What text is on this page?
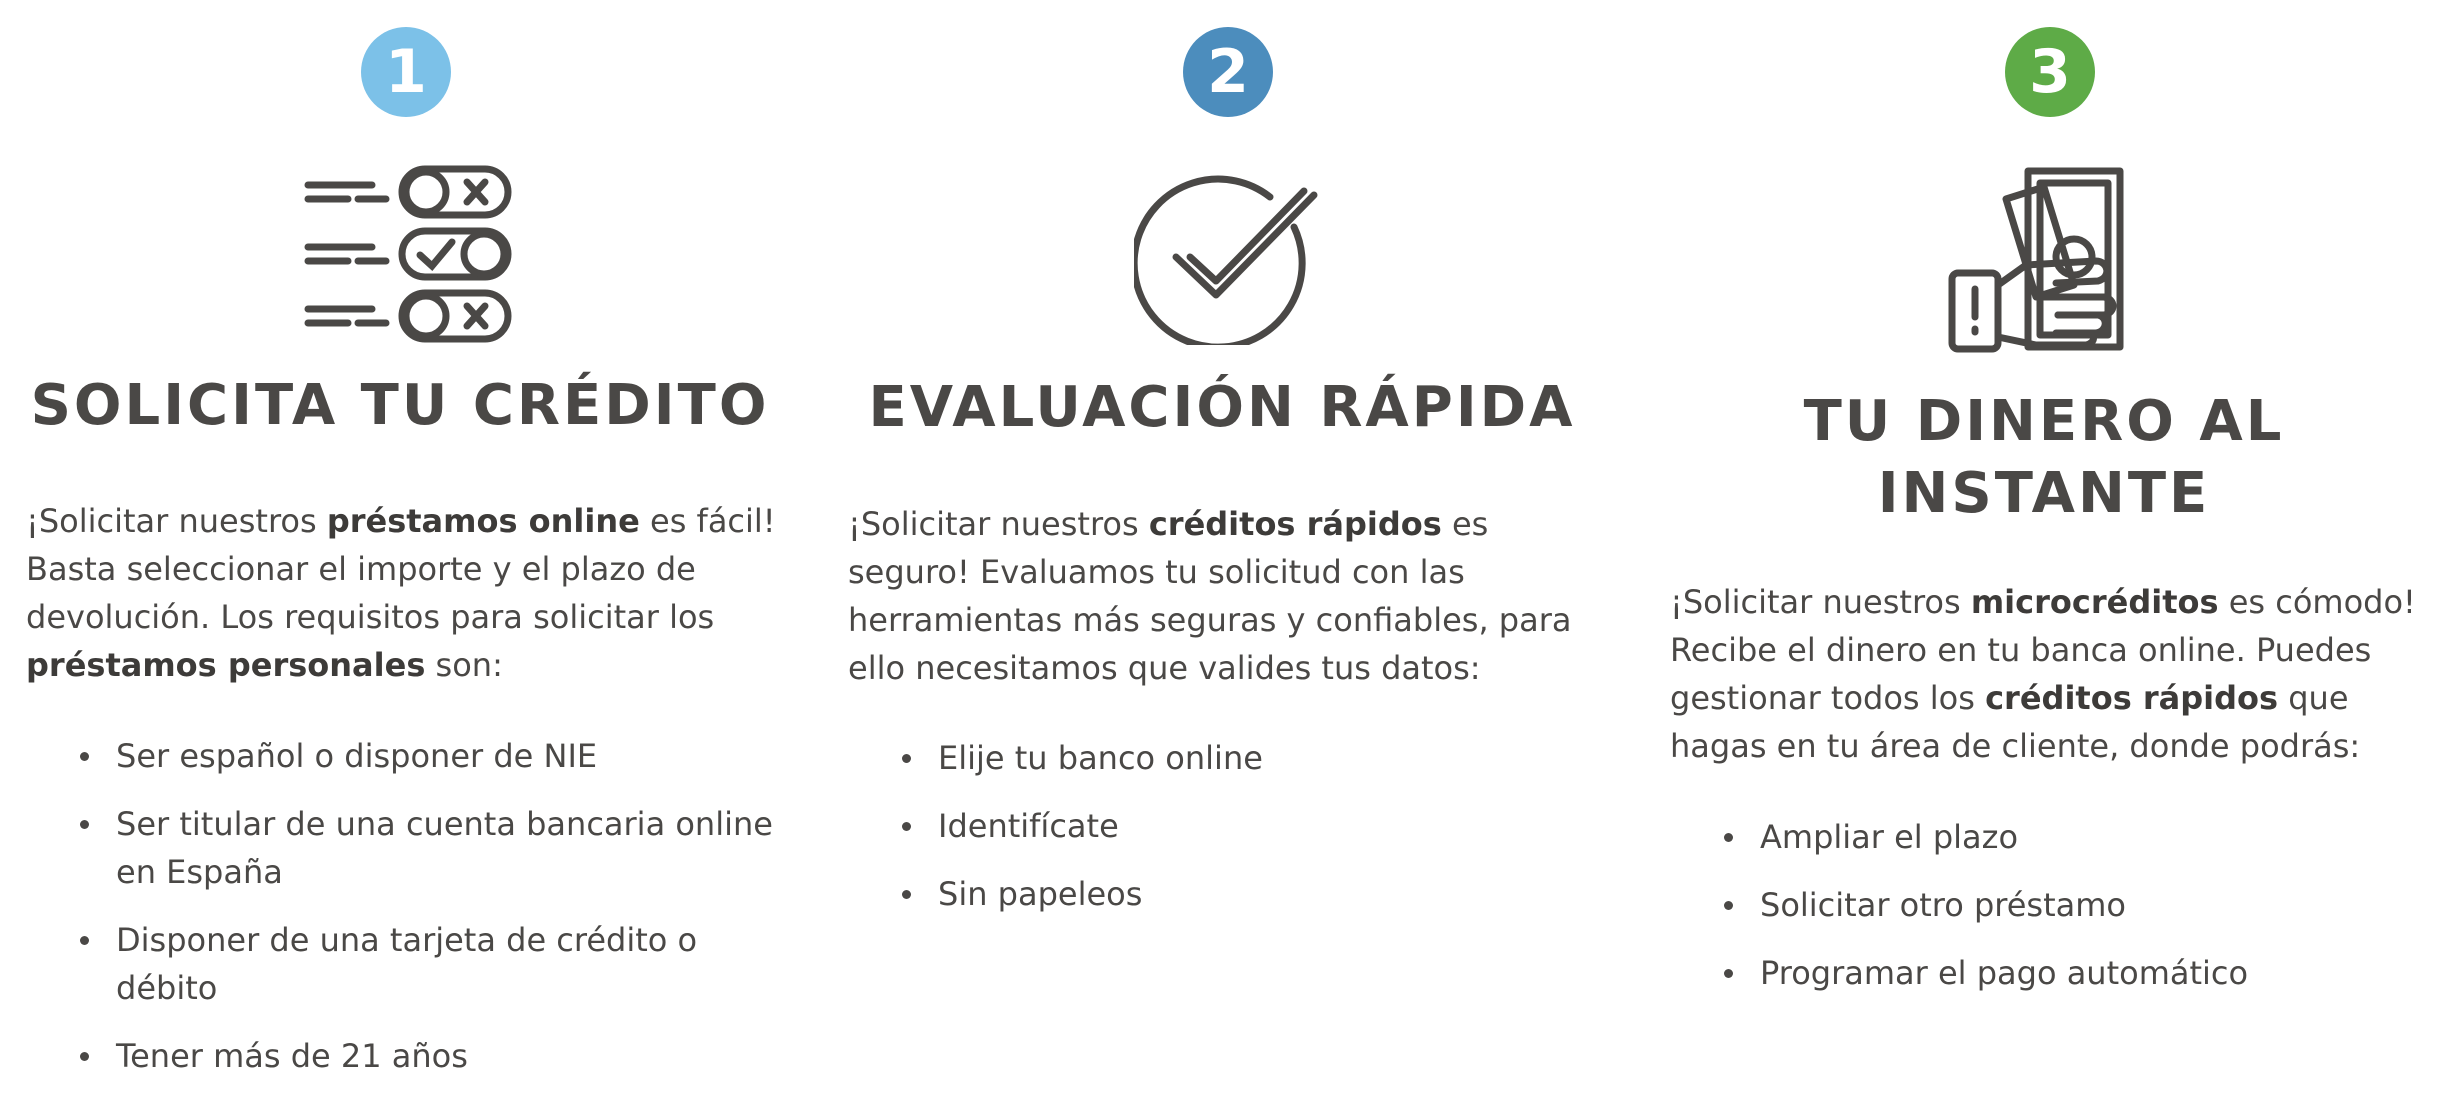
1
SOLICITA TU CRÉDITO

¡Solicitar nuestros préstamos online es fácil! Basta seleccionar el importe y el plazo de devolución. Los requisitos para solicitar los préstamos personales son:

Ser español o disponer de NIE
Ser titular de una cuenta bancaria online en España
Disponer de una tarjeta de crédito o débito
Tener más de 21 años
2
EVALUACIÓN RÁPIDA

¡Solicitar nuestros créditos rápidos es seguro! Evaluamos tu solicitud con las herramientas más seguras y confiables, para ello necesitamos que valides tus datos:

Elije tu banco online
Identifícate
Sin papeleos
3
TU DINERO AL INSTANTE

¡Solicitar nuestros microcréditos es cómodo! Recibe el dinero en tu banca online. Puedes gestionar todos los créditos rápidos que hagas en tu área de cliente, donde podrás:

Ampliar el plazo
Solicitar otro préstamo
Programar el pago automático
